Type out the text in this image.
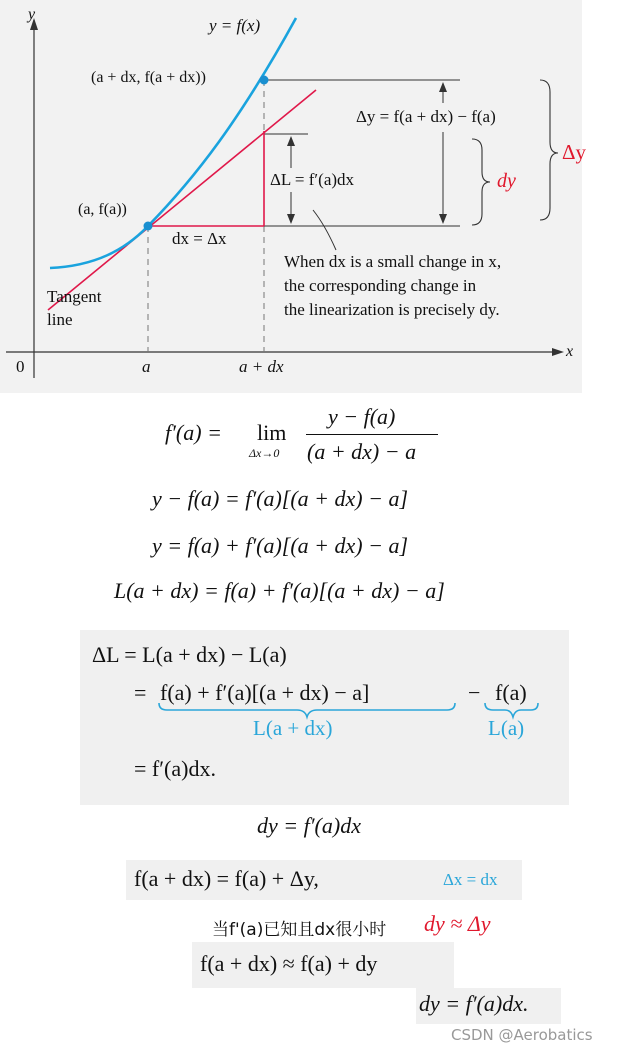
y
x
0	a	a + dx
y = f(x)
(a + dx, f(a + dx))
(a, f(a))
Δy = f(a + dx) − f(a)
ΔL = f′(a)dx
dx = Δx
dy
Δy
Tangent
line
When dx is a small change in x,
the corresponding change in
the linearization is precisely dy.
f′(a) = lim
Δx→0
y − f(a)
(a + dx) − a
y − f(a) = f′(a)[(a + dx) − a]
y = f(a) + f′(a)[(a + dx) − a]
L(a + dx) = f(a) + f′(a)[(a + dx) − a]
ΔL = L(a + dx) − L(a)
= f(a) + f′(a)[(a + dx) − a]	− f(a)
L(a + dx)	L(a)
= f′(a)dx.
dy = f′(a)dx
f(a + dx) = f(a) + Δy,	Δx = dx
当f'(a)已知且dx很小时 dy ≈ Δy
f(a + dx) ≈ f(a) + dy
dy = f′(a)dx.
CSDN @Aerobatics
